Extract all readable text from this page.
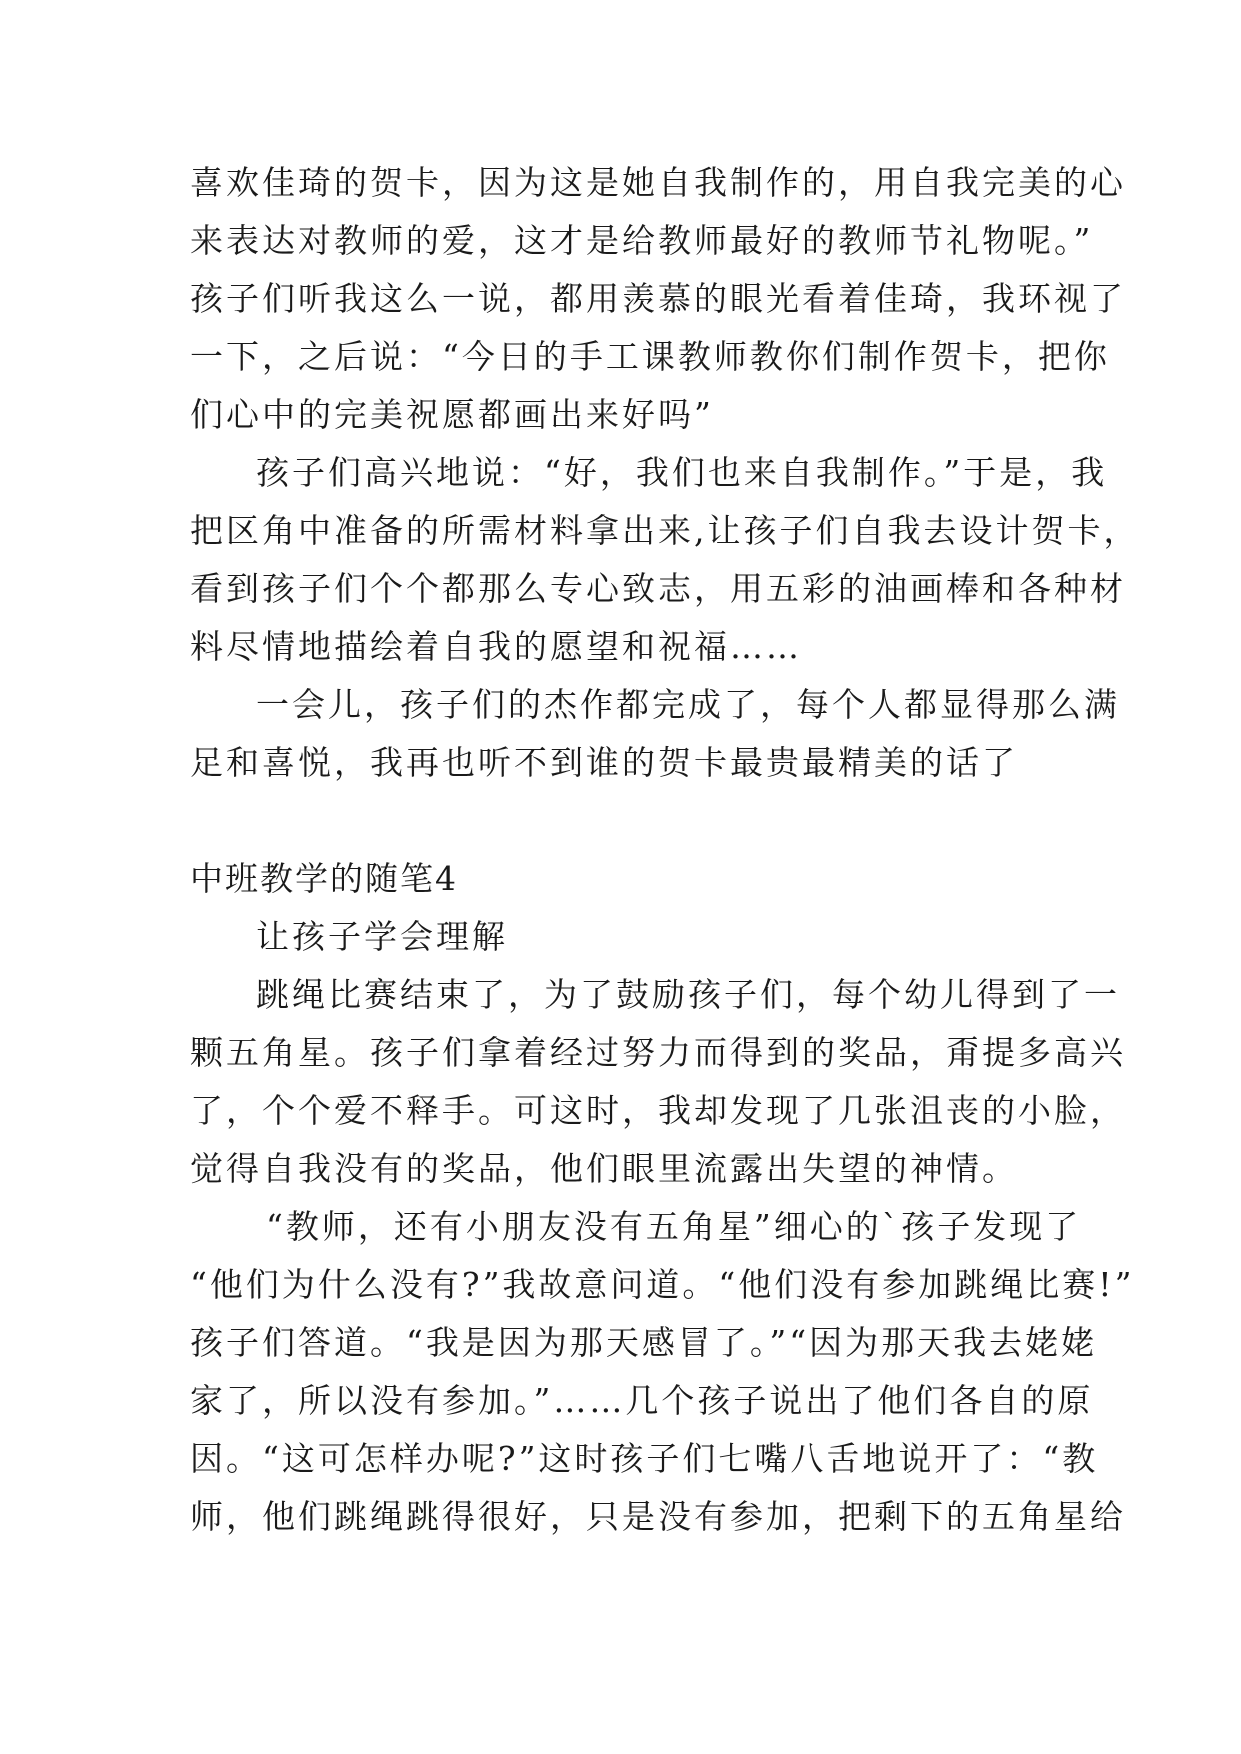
喜欢佳琦的贺卡，因为这是她自我制作的，用自我完美的心
来表达对教师的爱，这才是给教师最好的教师节礼物呢。”
孩子们听我这么一说，都用羡慕的眼光看着佳琦，我环视了
一下，之后说：“今日的手工课教师教你们制作贺卡，把你
们心中的完美祝愿都画出来好吗”
孩子们高兴地说：“好，我们也来自我制作。”于是，我
把区角中准备的所需材料拿出来,让孩子们自我去设计贺卡，
看到孩子们个个都那么专心致志，用五彩的油画棒和各种材
料尽情地描绘着自我的愿望和祝福……
一会儿，孩子们的杰作都完成了，每个人都显得那么满
足和喜悦，我再也听不到谁的贺卡最贵最精美的话了
中班教学的随笔4
让孩子学会理解
跳绳比赛结束了，为了鼓励孩子们，每个幼儿得到了一
颗五角星。孩子们拿着经过努力而得到的奖品，甭提多高兴
了，个个爱不释手。可这时，我却发现了几张沮丧的小脸，
觉得自我没有的奖品，他们眼里流露出失望的神情。
“教师，还有小朋友没有五角星”细心的`孩子发现了
“他们为什么没有?”我故意问道。“他们没有参加跳绳比赛!”
孩子们答道。“我是因为那天感冒了。”“因为那天我去姥姥
家了，所以没有参加。”……几个孩子说出了他们各自的原
因。“这可怎样办呢?”这时孩子们七嘴八舌地说开了：“教
师，他们跳绳跳得很好，只是没有参加，把剩下的五角星给
